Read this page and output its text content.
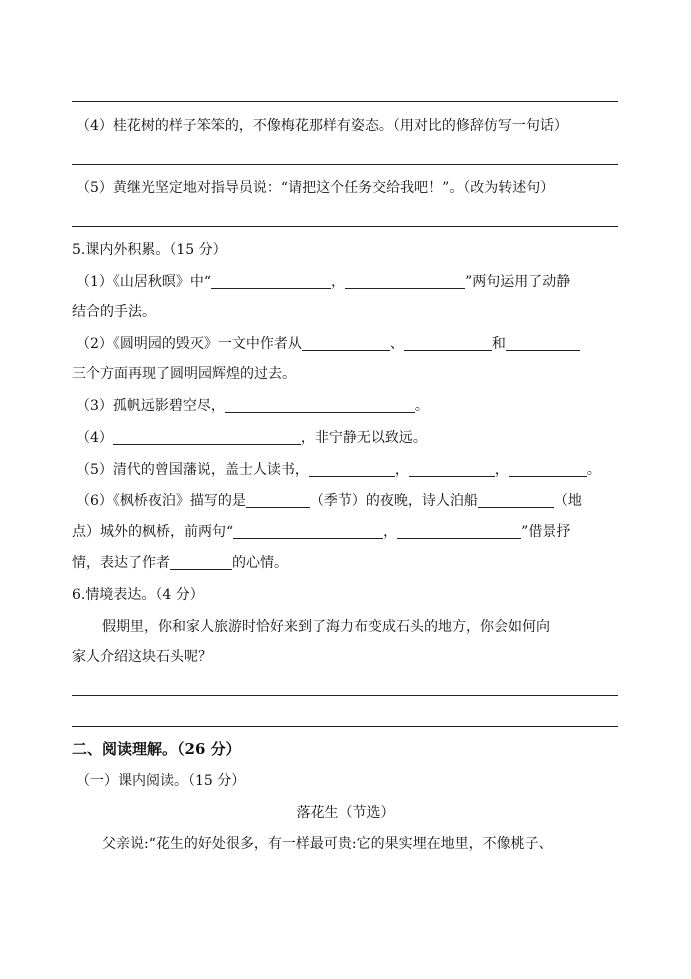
（4）桂花树的样子笨笨的，不像梅花那样有姿态。（用对比的修辞仿写一句话）
（5）黄继光坚定地对指导员说：“请把这个任务交给我吧！”。（改为转述句）
5.课内外积累。（15 分）
（1）《山居秋暝》中“	，	”两句运用了动静
结合的手法。
（2）《圆明园的毁灭》一文中作者从	、	和
三个方面再现了圆明园辉煌的过去。
（3）孤帆远影碧空尽，	。
（4）	，非宁静无以致远。
（5）清代的曾国藩说，盖士人读书，	，	，	。
（6）《枫桥夜泊》描写的是	（季节）的夜晚，诗人泊船	（地
点）城外的枫桥，前两句“	，	”借景抒
情，表达了作者	的心情。
6.情境表达。（4 分）
假期里，你和家人旅游时恰好来到了海力布变成石头的地方，你会如何向
家人介绍这块石头呢？
二、阅读理解。（26 分）
（一）课内阅读。（15 分）
落花生（节选）
父亲说:“花生的好处很多，有一样最可贵:它的果实埋在地里，不像桃子、
